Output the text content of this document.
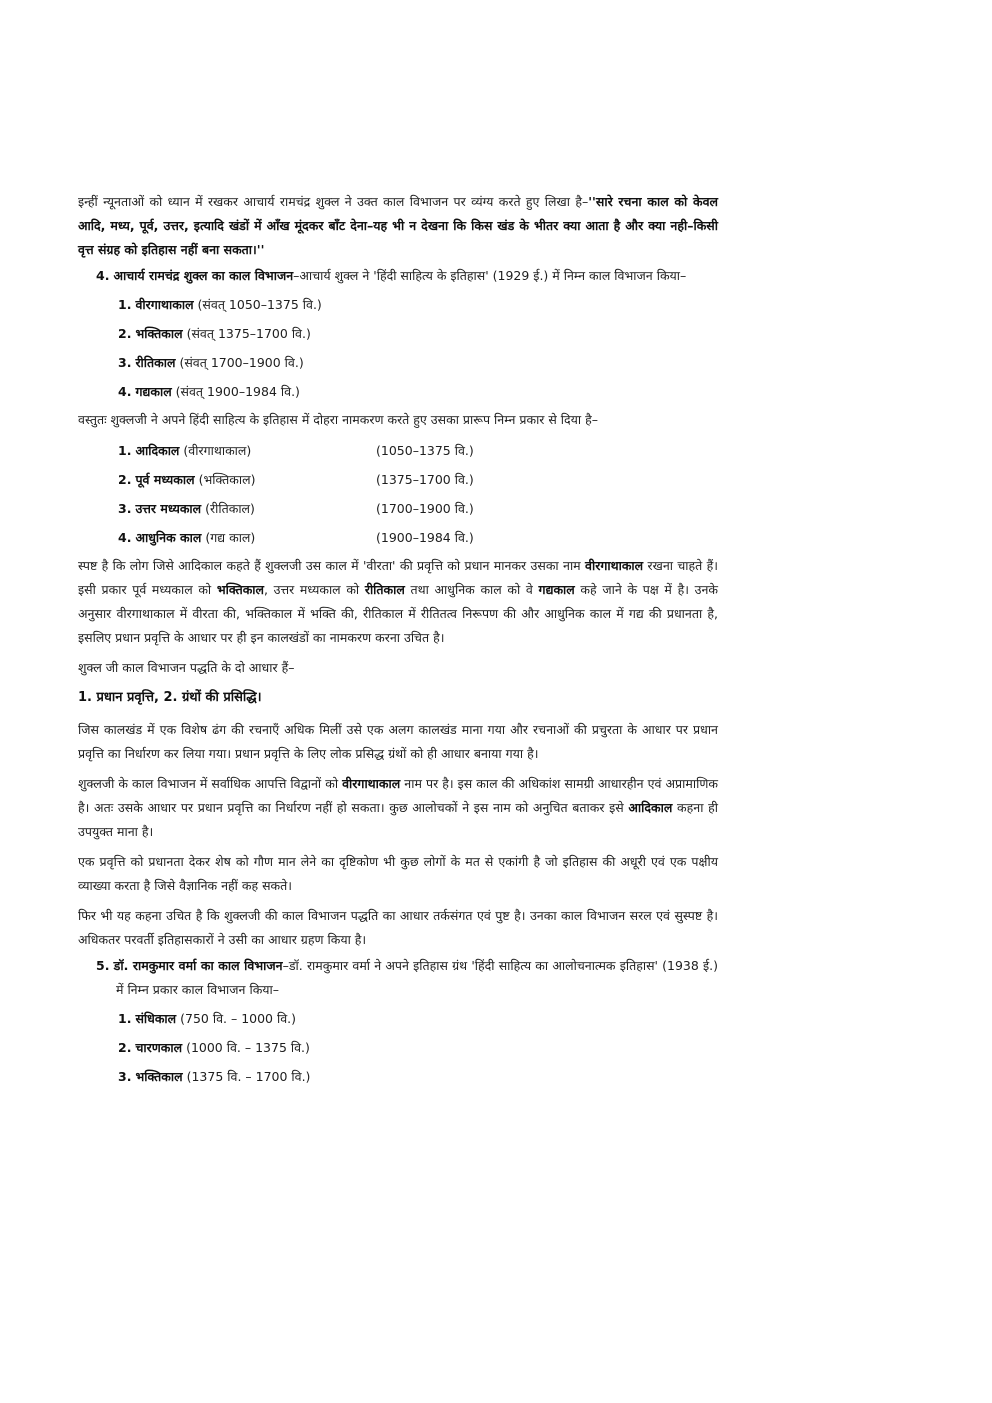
इन्हीं न्यूनताओं को ध्यान में रखकर आचार्य रामचंद्र शुक्ल ने उक्त काल विभाजन पर व्यंग्य करते हुए लिखा है–''सारे रचना काल को केवल आदि, मध्य, पूर्व, उत्तर, इत्यादि खंडों में आँख मूंदकर बाँट देना–यह भी न देखना कि किस खंड के भीतर क्या आता है और क्या नही–किसी वृत्त संग्रह को इतिहास नहीं बना सकता।''

4. आचार्य रामचंद्र शुक्ल का काल विभाजन–आचार्य शुक्ल ने 'हिंदी साहित्य के इतिहास' (1929 ई.) में निम्न काल विभाजन किया–
1. वीरगाथाकाल (संवत् 1050–1375 वि.)
2. भक्तिकाल (संवत् 1375–1700 वि.)
3. रीतिकाल (संवत् 1700–1900 वि.)
4. गद्यकाल (संवत् 1900–1984 वि.)

वस्तुतः शुक्लजी ने अपने हिंदी साहित्य के इतिहास में दोहरा नामकरण करते हुए उसका प्रारूप निम्न प्रकार से दिया है–

1. आदिकाल (वीरगाथाकाल)	(1050–1375 वि.)
2. पूर्व मध्यकाल (भक्तिकाल)	(1375–1700 वि.)
3. उत्तर मध्यकाल (रीतिकाल)	(1700–1900 वि.)
4. आधुनिक काल (गद्य काल)	(1900–1984 वि.)

स्पष्ट है कि लोग जिसे आदिकाल कहते हैं शुक्लजी उस काल में 'वीरता' की प्रवृत्ति को प्रधान मानकर उसका नाम वीरगाथाकाल रखना चाहते हैं। इसी प्रकार पूर्व मध्यकाल को भक्तिकाल, उत्तर मध्यकाल को रीतिकाल तथा आधुनिक काल को वे गद्यकाल कहे जाने के पक्ष में है। उनके अनुसार वीरगाथाकाल में वीरता की, भक्तिकाल में भक्ति की, रीतिकाल में रीतितत्व निरूपण की और आधुनिक काल में गद्य की प्रधानता है, इसलिए प्रधान प्रवृत्ति के आधार पर ही इन कालखंडों का नामकरण करना उचित है।

शुक्ल जी काल विभाजन पद्धति के दो आधार हैं–

1. प्रधान प्रवृत्ति, 2. ग्रंथों की प्रसिद्धि।

जिस कालखंड में एक विशेष ढंग की रचनाएँ अधिक मिलीं उसे एक अलग कालखंड माना गया और रचनाओं की प्रचुरता के आधार पर प्रधान प्रवृत्ति का निर्धारण कर लिया गया। प्रधान प्रवृत्ति के लिए लोक प्रसिद्ध ग्रंथों को ही आधार बनाया गया है।

शुक्लजी के काल विभाजन में सर्वाधिक आपत्ति विद्वानों को वीरगाथाकाल नाम पर है। इस काल की अधिकांश सामग्री आधारहीन एवं अप्रामाणिक है। अतः उसके आधार पर प्रधान प्रवृत्ति का निर्धारण नहीं हो सकता। कुछ आलोचकों ने इस नाम को अनुचित बताकर इसे आदिकाल कहना ही उपयुक्त माना है।

एक प्रवृत्ति को प्रधानता देकर शेष को गौण मान लेने का दृष्टिकोण भी कुछ लोगों के मत से एकांगी है जो इतिहास की अधूरी एवं एक पक्षीय व्याख्या करता है जिसे वैज्ञानिक नहीं कह सकते।

फिर भी यह कहना उचित है कि शुक्लजी की काल विभाजन पद्धति का आधार तर्कसंगत एवं पुष्ट है। उनका काल विभाजन सरल एवं सुस्पष्ट है। अधिकतर परवर्ती इतिहासकारों ने उसी का आधार ग्रहण किया है।

5. डॉ. रामकुमार वर्मा का काल विभाजन–डॉ. रामकुमार वर्मा ने अपने इतिहास ग्रंथ 'हिंदी साहित्य का आलोचनात्मक इतिहास' (1938 ई.) में निम्न प्रकार काल विभाजन किया–
1. संधिकाल (750 वि. – 1000 वि.)
2. चारणकाल (1000 वि. – 1375 वि.)
3. भक्तिकाल (1375 वि. – 1700 वि.)
